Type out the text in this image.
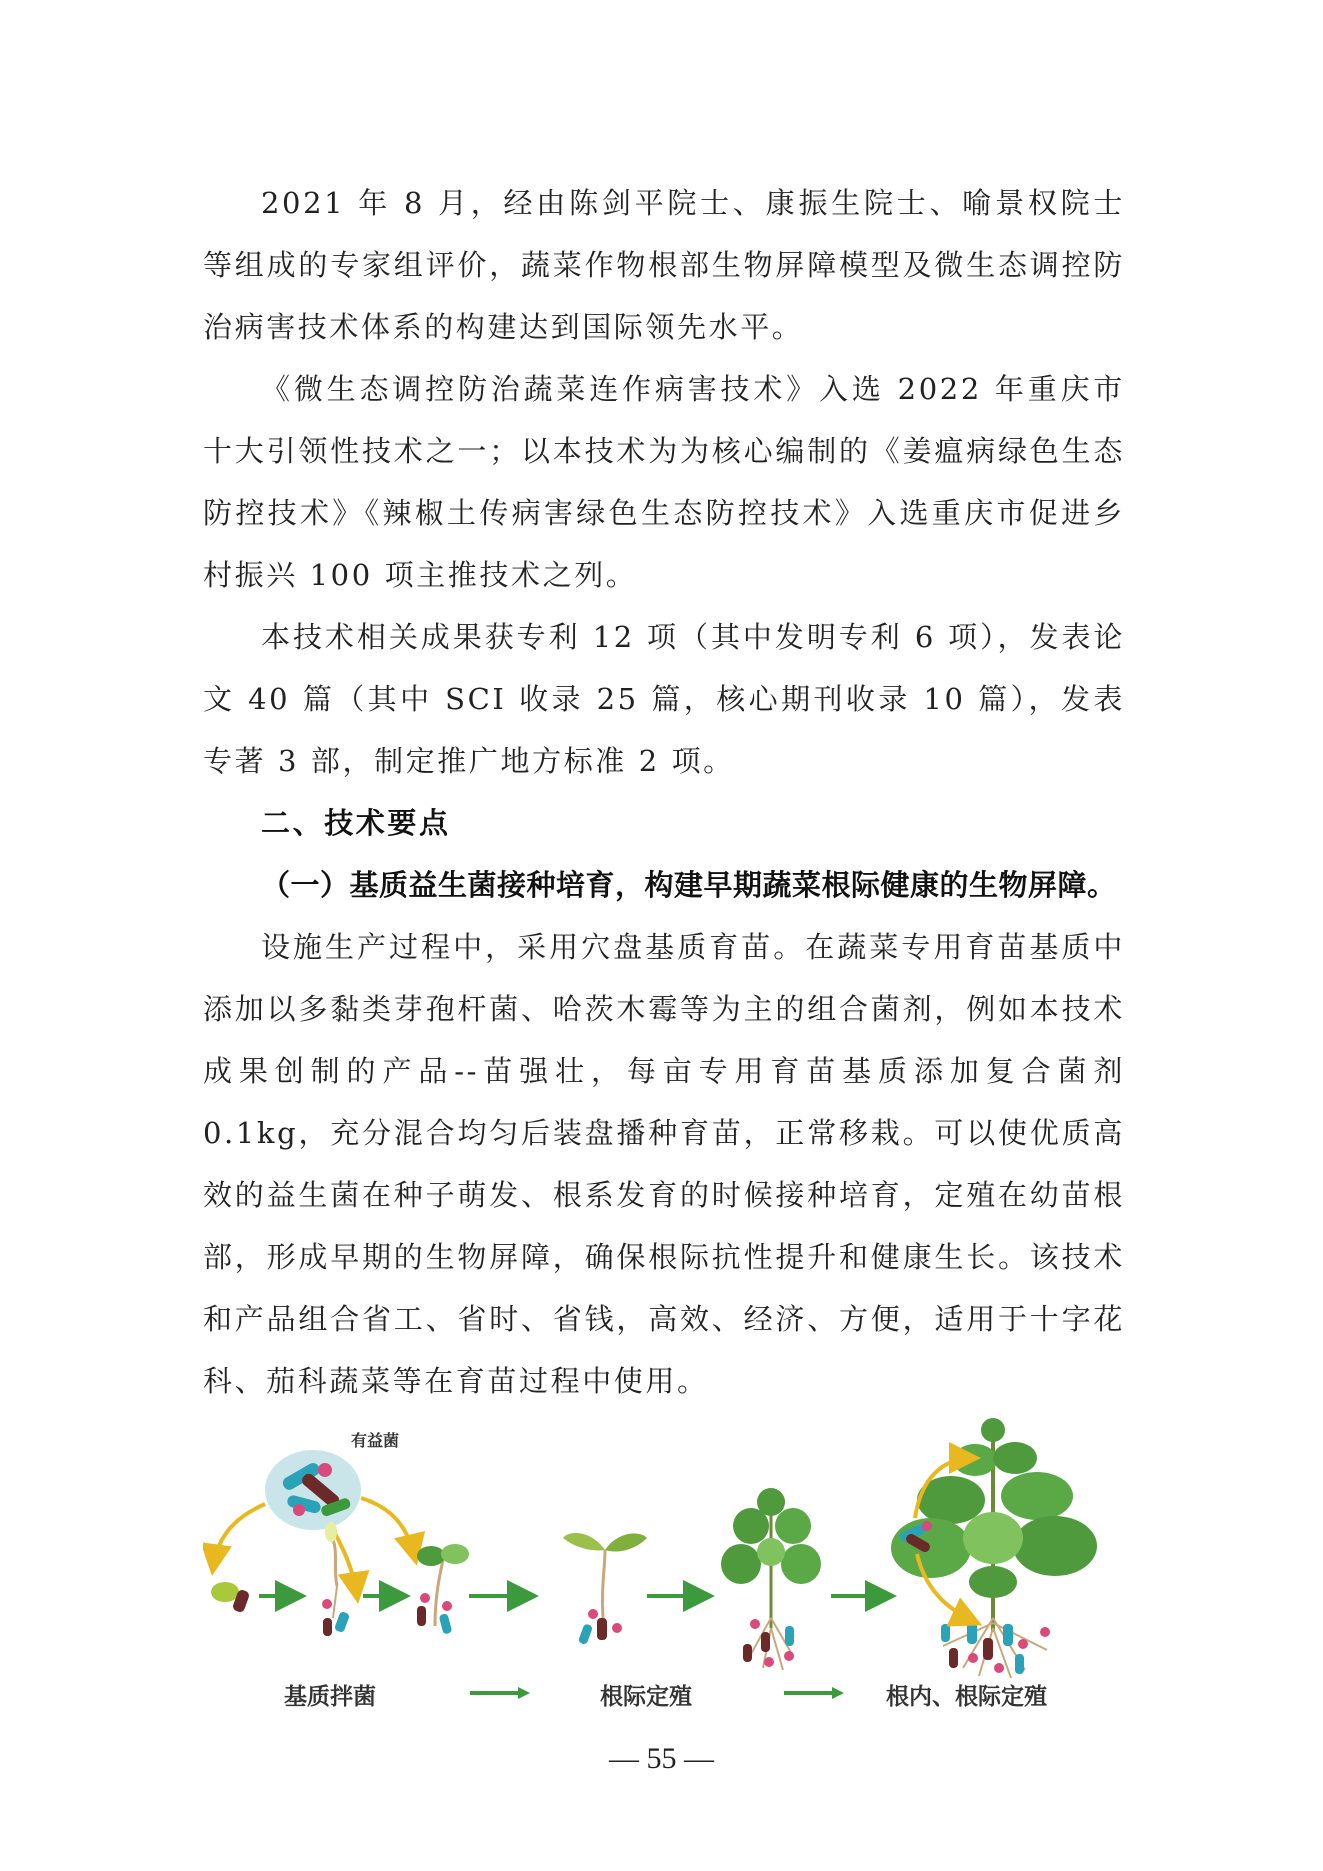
2021 年 8 月，经由陈剑平院士、康振生院士、喻景权院士等组成的专家组评价，蔬菜作物根部生物屏障模型及微生态调控防治病害技术体系的构建达到国际领先水平。

《微生态调控防治蔬菜连作病害技术》入选 2022 年重庆市十大引领性技术之一；以本技术为为核心编制的《姜瘟病绿色生态防控技术》《辣椒土传病害绿色生态防控技术》入选重庆市促进乡村振兴 100 项主推技术之列。

本技术相关成果获专利 12 项（其中发明专利 6 项），发表论文 40 篇（其中 SCI 收录 25 篇，核心期刊收录 10 篇），发表专著 3 部，制定推广地方标准 2 项。

二、技术要点

（一）基质益生菌接种培育，构建早期蔬菜根际健康的生物屏障。

设施生产过程中，采用穴盘基质育苗。在蔬菜专用育苗基质中添加以多黏类芽孢杆菌、哈茨木霉等为主的组合菌剂，例如本技术成果创制的产品--苗强壮，每亩专用育苗基质添加复合菌剂 0.1kg，充分混合均匀后装盘播种育苗，正常移栽。可以使优质高效的益生菌在种子萌发、根系发育的时候接种培育，定殖在幼苗根部，形成早期的生物屏障，确保根际抗性提升和健康生长。该技术和产品组合省工、省时、省钱，高效、经济、方便，适用于十字花科、茄科蔬菜等在育苗过程中使用。

有益菌
基质拌菌	根际定殖	根内、根际定殖
— 55 —
